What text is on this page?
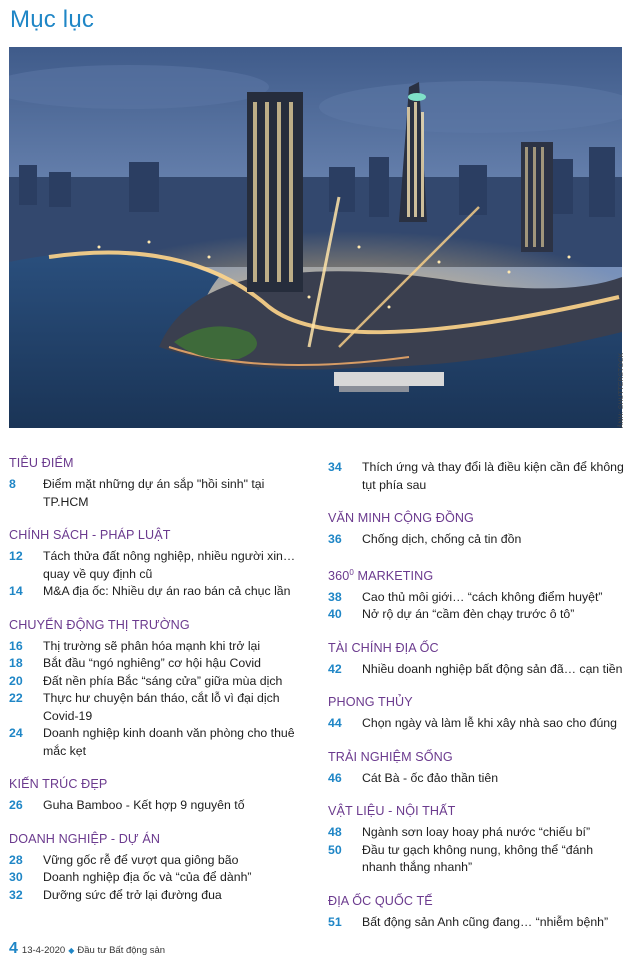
Mục lục
ẢNH: SHUTTERSTOCK
TIÊU ĐIỂM
8	Điểm mặt những dự án sắp "hồi sinh" tại TP.HCM
CHÍNH SÁCH - PHÁP LUẬT
12	Tách thửa đất nông nghiệp, nhiều người xin… quay về quy định cũ
14	M&A địa ốc: Nhiều dự án rao bán cả chục lần
CHUYỂN ĐỘNG THỊ TRƯỜNG
16	Thị trường sẽ phân hóa mạnh khi trở lại
18	Bắt đầu “ngó nghiêng” cơ hội hậu Covid
20	Đất nền phía Bắc “sáng cửa” giữa mùa dịch
22	Thực hư chuyện bán tháo, cắt lỗ vì đại dịch Covid-19
24	Doanh nghiệp kinh doanh văn phòng cho thuê mắc kẹt
KIẾN TRÚC ĐẸP
26	Guha Bamboo - Kết hợp 9 nguyên tố
DOANH NGHIỆP - DỰ ÁN
28	Vững gốc rễ để vượt qua giông bão
30	Doanh nghiệp địa ốc và “của để dành”
32	Dưỡng sức để trở lại đường đua
34	Thích ứng và thay đổi là điều kiện cần để không tụt phía sau
VĂN MINH CỘNG ĐỒNG
36	Chống dịch, chống cả tin đồn
$360^0$ MARKETING
38	Cao thủ môi giới… “cách không điểm huyệt”
40	Nở rộ dự án “cầm đèn chạy trước ô tô”
TÀI CHÍNH ĐỊA ỐC
42	Nhiều doanh nghiệp bất động sản đã… cạn tiền
PHONG THỦY
44	Chọn ngày và làm lễ khi xây nhà sao cho đúng
TRẢI NGHIỆM SỐNG
46	Cát Bà - ốc đảo thần tiên
VẬT LIỆU - NỘI THẤT
48	Ngành sơn loay hoay phá nước “chiếu bí”
50	Đầu tư gạch không nung, không thể “đánh nhanh thắng nhanh”
ĐỊA ỐC QUỐC TẾ
51	Bất động sản Anh cũng đang… “nhiễm bệnh”
4 13-4-2020 ◆ Đầu tư Bất động sản
